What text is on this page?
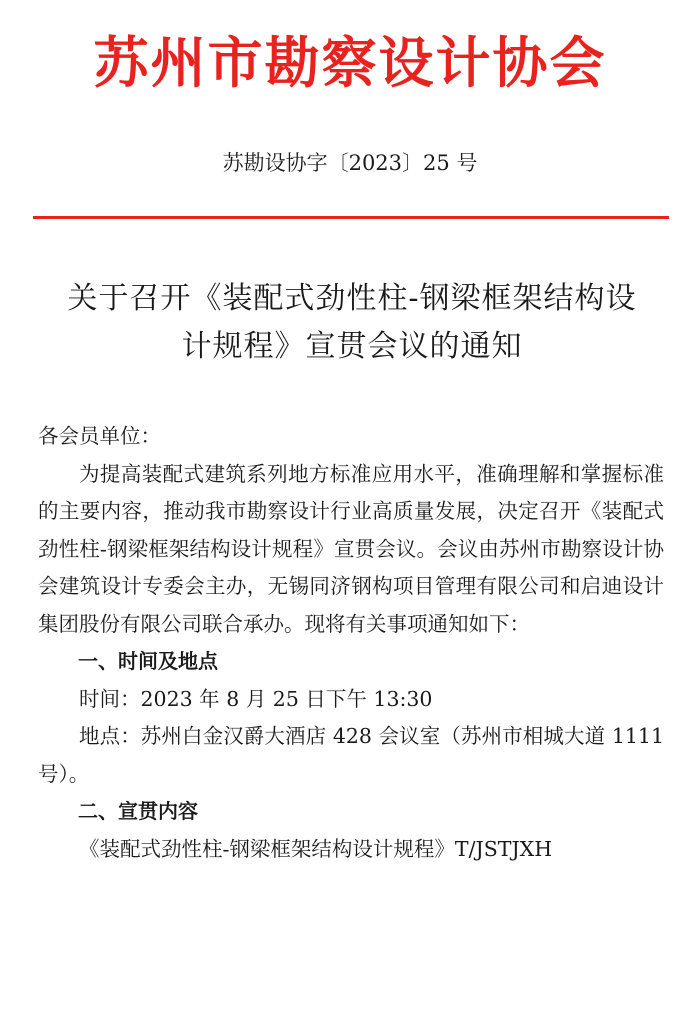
苏州市勘察设计协会
苏勘设协字〔2023〕25 号
关于召开《装配式劲性柱-钢梁框架结构设
计规程》宣贯会议的通知

各会员单位：

为提高装配式建筑系列地方标准应用水平，准确理解和掌握标准的主要内容，推动我市勘察设计行业高质量发展，决定召开《装配式劲性柱-钢梁框架结构设计规程》宣贯会议。会议由苏州市勘察设计协会建筑设计专委会主办，无锡同济钢构项目管理有限公司和启迪设计集团股份有限公司联合承办。现将有关事项通知如下：

一、时间及地点

时间：2023 年 8 月 25 日下午 13:30

地点：苏州白金汉爵大酒店 428 会议室（苏州市相城大道 1111 号）。

二、宣贯内容

《装配式劲性柱-钢梁框架结构设计规程》T/JSTJXH
